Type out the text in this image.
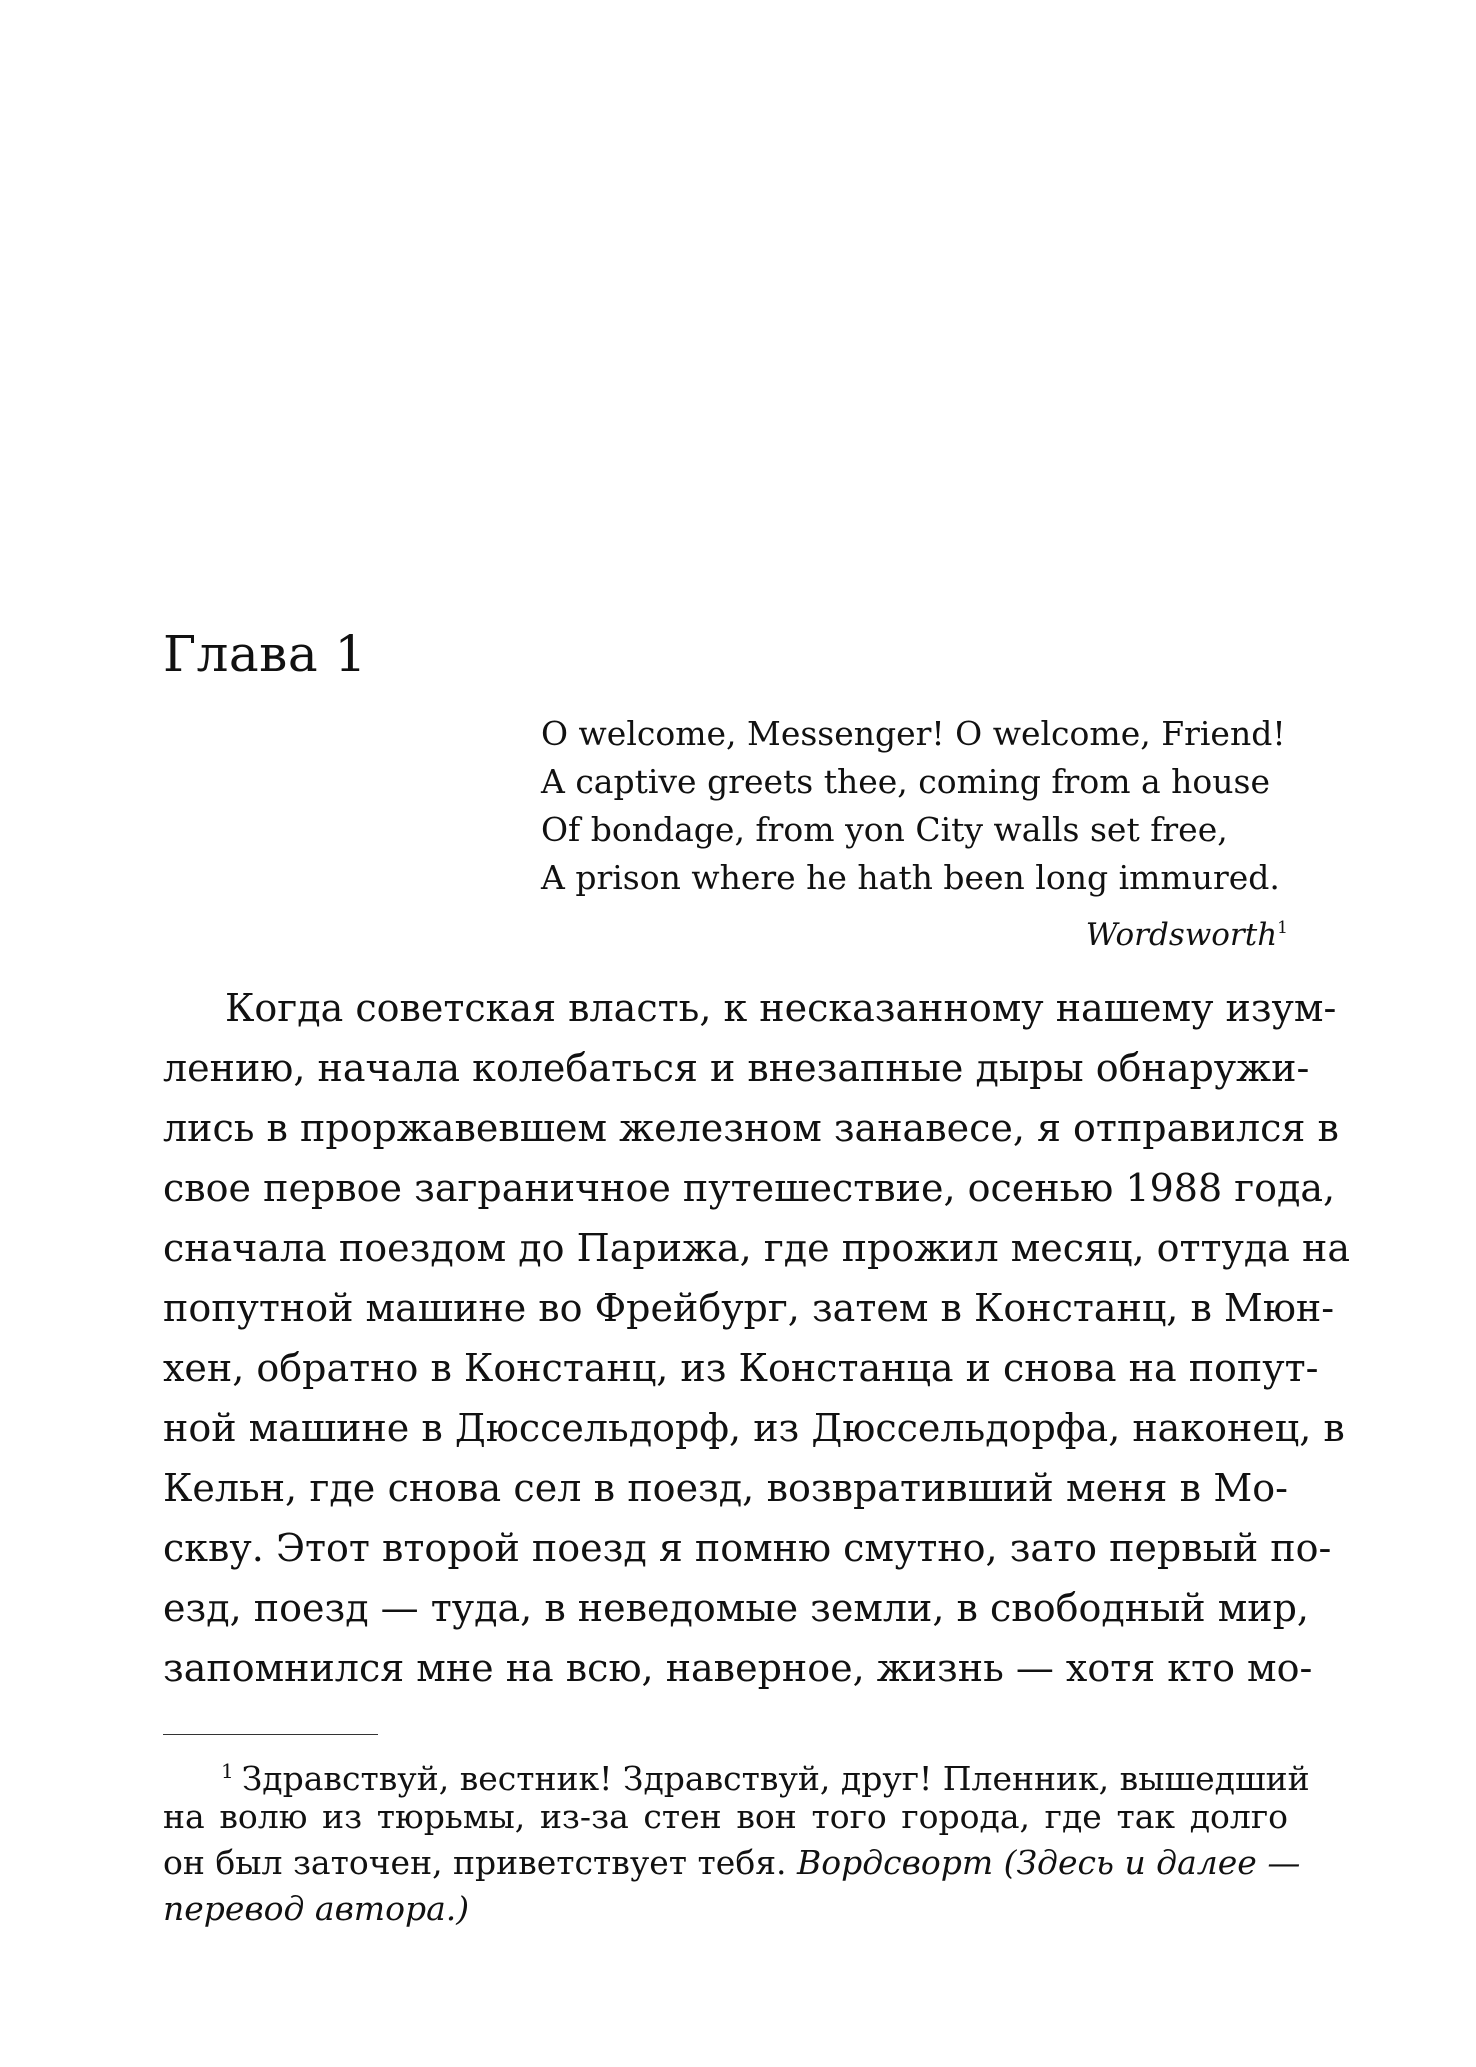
Глава 1
O welcome, Messenger! O welcome, Friend!
A captive greets thee, coming from a house
Of bondage, from yon City walls set free,
A prison where he hath been long immured.
Wordsworth$^1$
Когда советская власть, к несказанному нашему изум-
лению, начала колебаться и внезапные дыры обнаружи-
лись в проржавевшем железном занавесе, я отправился в
свое первое заграничное путешествие, осенью 1988 года,
сначала поездом до Парижа, где прожил месяц, оттуда на
попутной машине во Фрейбург, затем в Констанц, в Мюн-
хен, обратно в Констанц, из Констанца и снова на попут-
ной машине в Дюссельдорф, из Дюссельдорфа, наконец, в
Кельн, где снова сел в поезд, возвративший меня в Мо-
скву. Этот второй поезд я помню смутно, зато первый по-
езд, поезд — туда, в неведомые земли, в свободный мир,
запомнился мне на всю, наверное, жизнь — хотя кто мо-
$^1$ Здравствуй, вестник! Здравствуй, друг! Пленник, вышедший
на волю из тюрьмы, из-за стен вон того города, где так долго
он был заточен, приветствует тебя. Вордсворт (Здесь и далее —
перевод автора.)
